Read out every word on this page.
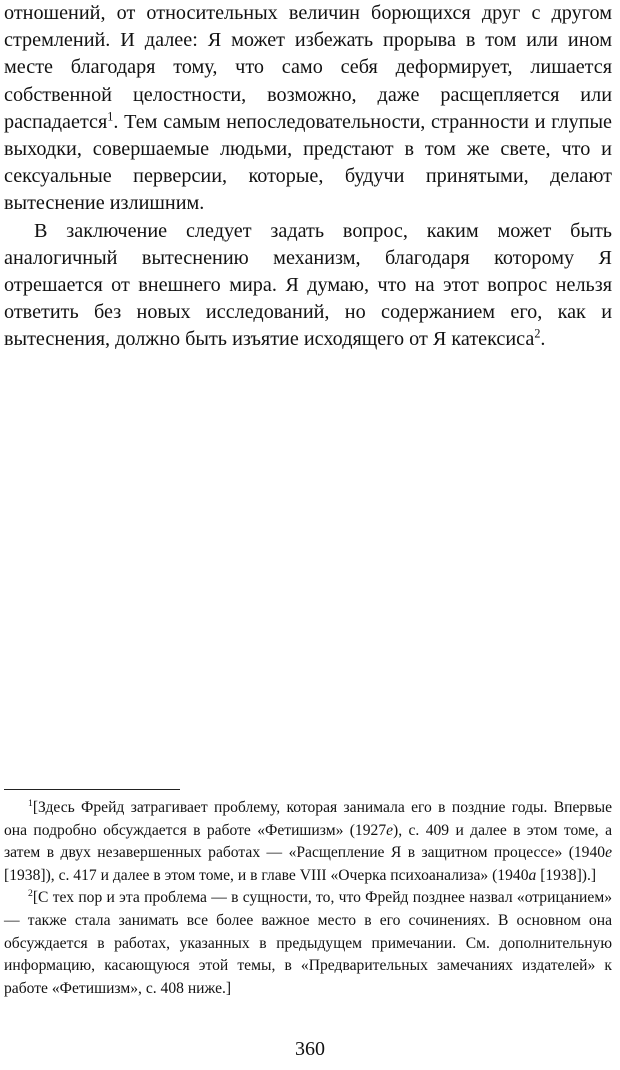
отношений, от относительных величин борющихся друг с другом стремлений. И далее: Я может избежать прорыва в том или ином месте благодаря тому, что само себя деформирует, лишается собственной целостности, возможно, даже расщепляется или распадается$^1$. Тем самым непоследовательности, странности и глупые выходки, совершаемые людьми, предстают в том же свете, что и сексуальные перверсии, которые, будучи принятыми, делают вытеснение излишним.

В заключение следует задать вопрос, каким может быть аналогичный вытеснению механизм, благодаря которому Я отрешается от внешнего мира. Я думаю, что на этот вопрос нельзя ответить без новых исследований, но содержанием его, как и вытеснения, должно быть изъятие исходящего от Я катексиса$^2$.

$^1$[Здесь Фрейд затрагивает проблему, которая занимала его в поздние годы. Впервые она подробно обсуждается в работе «Фетишизм» (1927e), с. 409 и далее в этом томе, а затем в двух незавершенных работах — «Расщепление Я в защитном процессе» (1940e [1938]), с. 417 и далее в этом томе, и в главе VIII «Очерка психоанализа» (1940a [1938]).]

$^2$[С тех пор и эта проблема — в сущности, то, что Фрейд позднее назвал «отрицанием» — также стала занимать все более важное место в его сочинениях. В основном она обсуждается в работах, указанных в предыдущем примечании. См. дополнительную информацию, касающуюся этой темы, в «Предварительных замечаниях издателей» к работе «Фетишизм», с. 408 ниже.]

360
